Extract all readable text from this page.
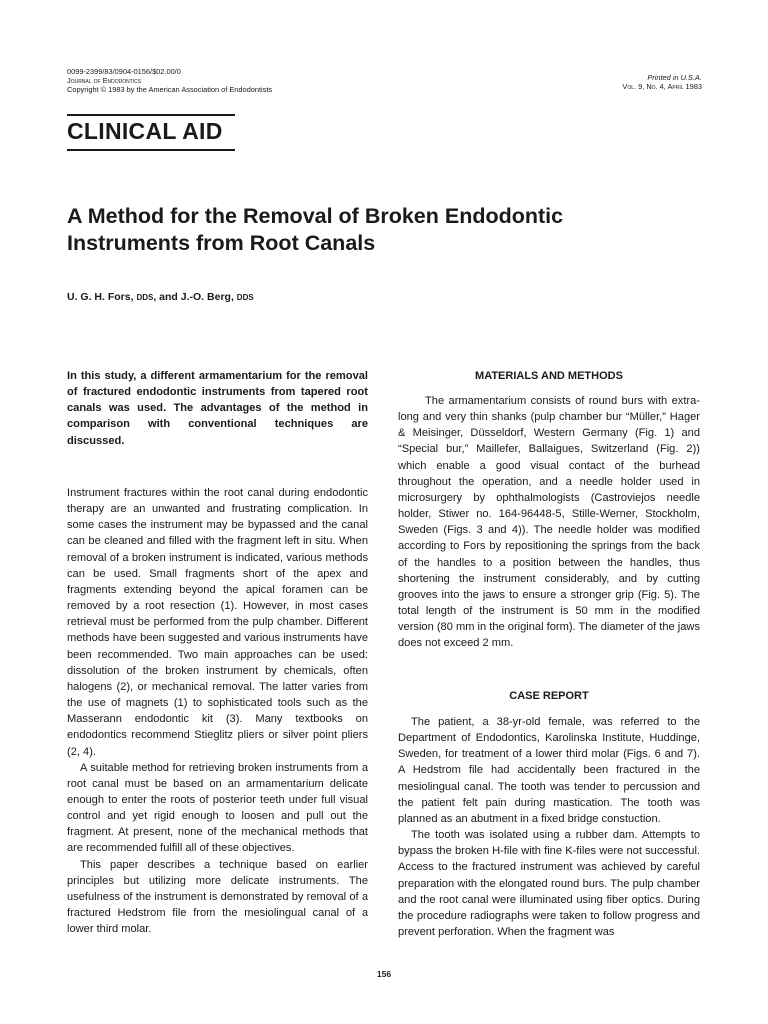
0099-2399/83/0904-0156/$02.00/0
Journal of Endodontics
Copyright © 1983 by the American Association of Endodontists
Printed in U.S.A.
Vol. 9, No. 4, April 1983
CLINICAL AID
A Method for the Removal of Broken Endodontic
Instruments from Root Canals
U. G. H. Fors, DDS, and J.-O. Berg, DDS
In this study, a different armamentarium for the removal of fractured endodontic instruments from tapered root canals was used. The advantages of the method in comparison with conventional techniques are discussed.

Instrument fractures within the root canal during endodontic therapy are an unwanted and frustrating complication. In some cases the instrument may be bypassed and the canal can be cleaned and filled with the fragment left in situ. When removal of a broken instrument is indicated, various methods can be used. Small fragments short of the apex and fragments extending beyond the apical foramen can be removed by a root resection (1). However, in most cases retrieval must be performed from the pulp chamber. Different methods have been suggested and various instruments have been recommended. Two main approaches can be used: dissolution of the broken instrument by chemicals, often halogens (2), or mechanical removal. The latter varies from the use of magnets (1) to sophisticated tools such as the Masserann endodontic kit (3). Many textbooks on endodontics recommend Stieglitz pliers or silver point pliers (2, 4).

A suitable method for retrieving broken instruments from a root canal must be based on an armamentarium delicate enough to enter the roots of posterior teeth under full visual control and yet rigid enough to loosen and pull out the fragment. At present, none of the mechanical methods that are recommended fulfill all of these objectives.

This paper describes a technique based on earlier principles but utilizing more delicate instruments. The usefulness of the instrument is demonstrated by removal of a fractured Hedstrom file from the mesiolingual canal of a lower third molar.

MATERIALS AND METHODS

The armamentarium consists of round burs with extra-long and very thin shanks (pulp chamber bur “Müller,” Hager & Meisinger, Düsseldorf, Western Germany (Fig. 1) and “Special bur,” Maillefer, Ballaigues, Switzerland (Fig. 2)) which enable a good visual contact of the burhead throughout the operation, and a needle holder used in microsurgery by ophthalmologists (Castroviejos needle holder, Stiwer no. 164-96448-5, Stille-Werner, Stockholm, Sweden (Figs. 3 and 4)). The needle holder was modified according to Fors by repositioning the springs from the back of the handles to a position between the handles, thus shortening the instrument considerably, and by cutting grooves into the jaws to ensure a stronger grip (Fig. 5). The total length of the instrument is 50 mm in the modified version (80 mm in the original form). The diameter of the jaws does not exceed 2 mm.

CASE REPORT

The patient, a 38-yr-old female, was referred to the Department of Endodontics, Karolinska Institute, Huddinge, Sweden, for treatment of a lower third molar (Figs. 6 and 7). A Hedstrom file had accidentally been fractured in the mesiolingual canal. The tooth was tender to percussion and the patient felt pain during mastication. The tooth was planned as an abutment in a fixed bridge constuction.

The tooth was isolated using a rubber dam. Attempts to bypass the broken H-file with fine K-files were not successful. Access to the fractured instrument was achieved by careful preparation with the elongated round burs. The pulp chamber and the root canal were illuminated using fiber optics. During the procedure radiographs were taken to follow progress and prevent perforation. When the fragment was

156
